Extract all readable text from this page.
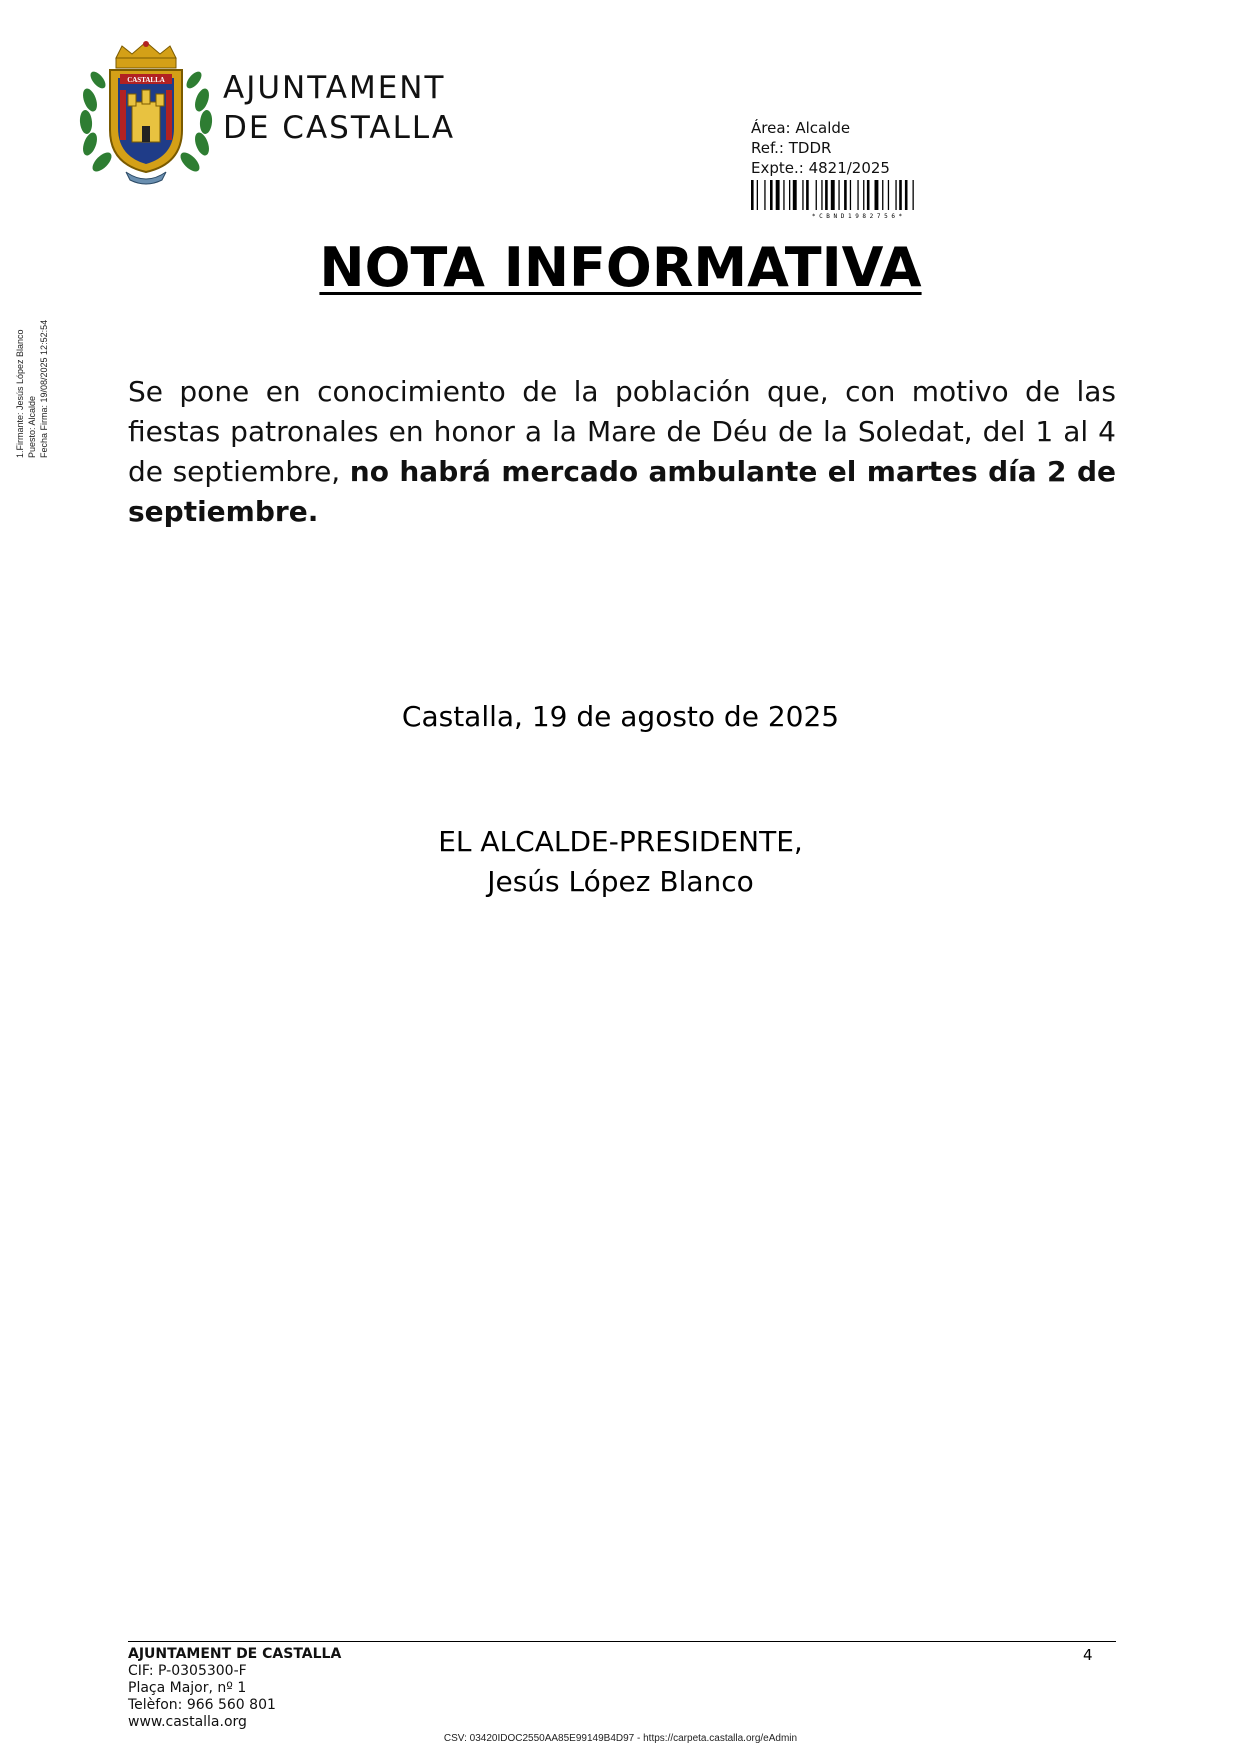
CASTALLA AJUNTAMENT
DE CASTALLA	Área: Alcalde
Ref.: TDDR
Expte.: 4821/2025
* C B N D 1 9 8 2 7 5 6 *
1.Firmante: Jesús López Blanco Puesto: Alcalde Fecha Firma: 19/08/2025 12:52:54
NOTA INFORMATIVA
Se pone en conocimiento de la población que, con motivo de las fiestas patronales en honor a la Mare de Déu de la Soledat, del 1 al 4 de septiembre, no habrá mercado ambulante el martes día 2 de septiembre.
Castalla, 19 de agosto de 2025
EL ALCALDE-PRESIDENTE,
Jesús López Blanco
AJUNTAMENT DE CASTALLA
CIF: P-0305300-F
Plaça Major, nº 1
Telèfon: 966 560 801
www.castalla.org
4
CSV: 03420IDOC2550AA85E99149B4D97 - https://carpeta.castalla.org/eAdmin
